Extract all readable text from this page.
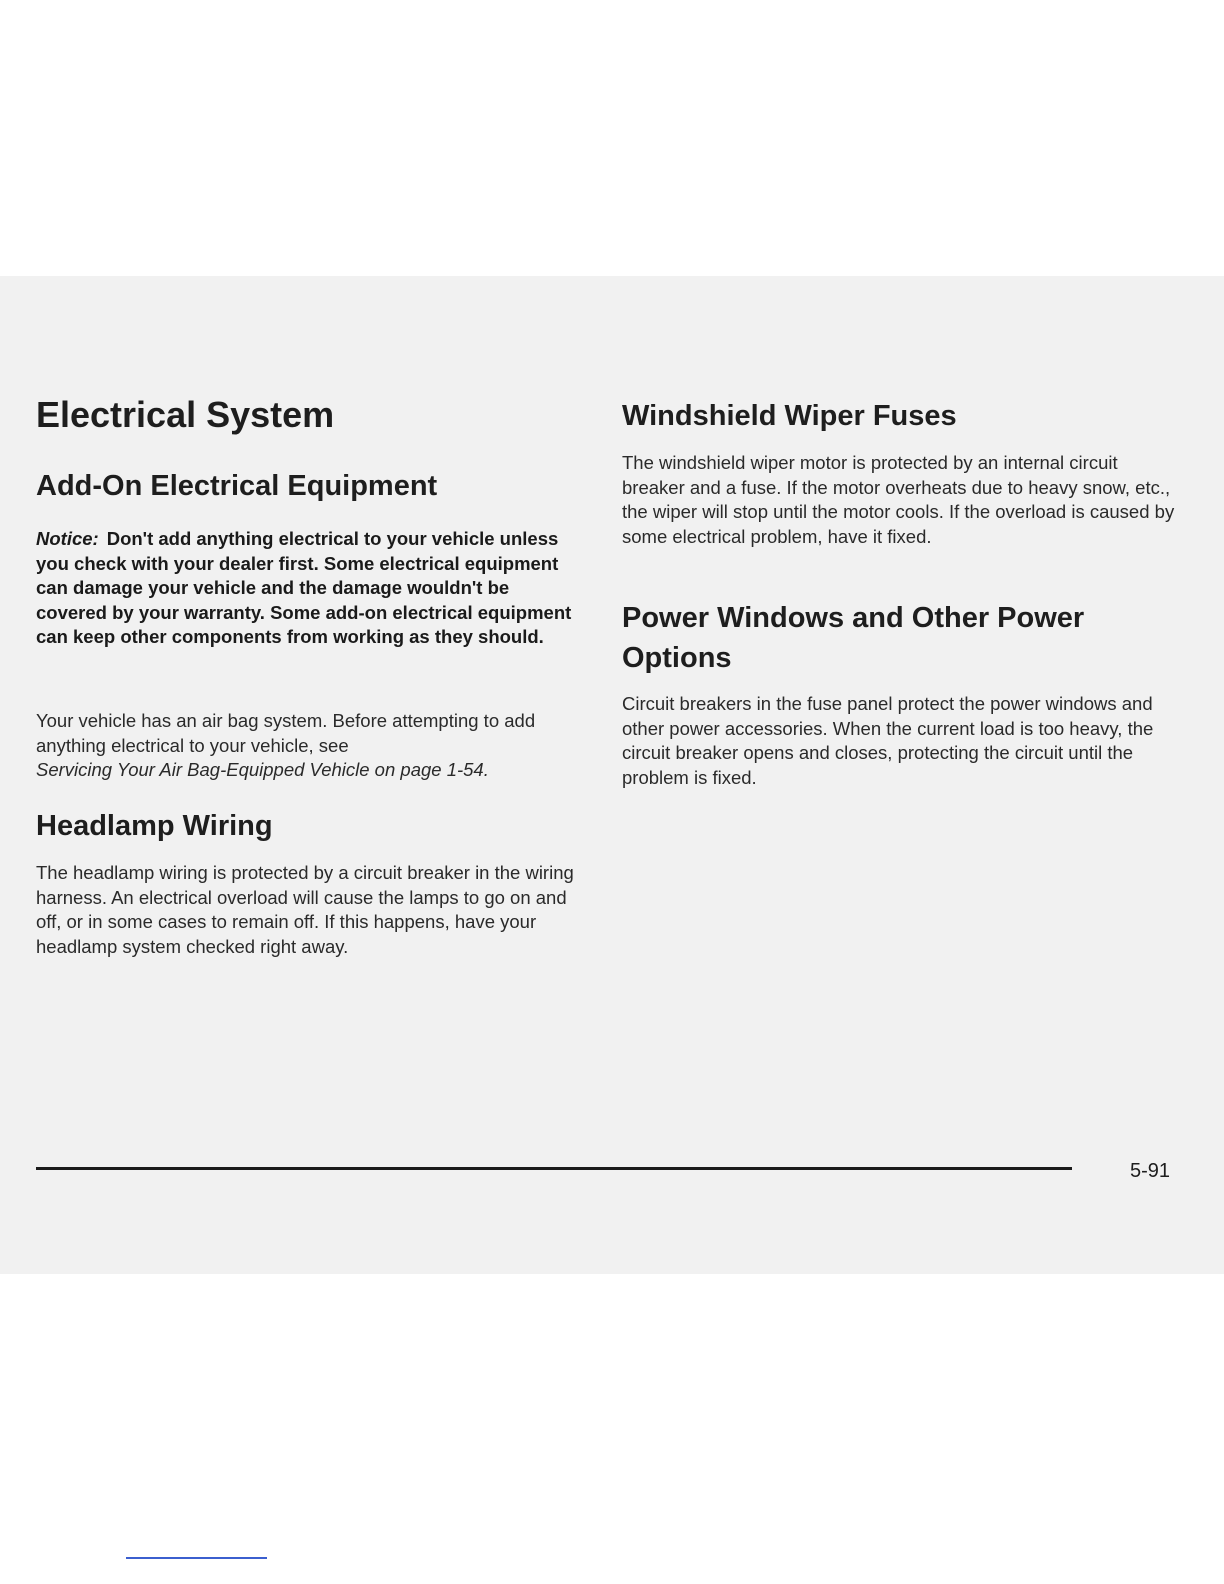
Electrical System
Add-On Electrical Equipment

Notice: Don't add anything electrical to your vehicle unless you check with your dealer first. Some electrical equipment can damage your vehicle and the damage wouldn't be covered by your warranty. Some add-on electrical equipment can keep other components from working as they should.

Your vehicle has an air bag system. Before attempting to add anything electrical to your vehicle, see
Servicing Your Air Bag-Equipped Vehicle on page 1-54.

Headlamp Wiring

The headlamp wiring is protected by a circuit breaker in the wiring harness. An electrical overload will cause the lamps to go on and off, or in some cases to remain off. If this happens, have your headlamp system checked right away.

Windshield Wiper Fuses

The windshield wiper motor is protected by an internal circuit breaker and a fuse. If the motor overheats due to heavy snow, etc., the wiper will stop until the motor cools. If the overload is caused by some electrical problem, have it fixed.

Power Windows and Other Power Options

Circuit breakers in the fuse panel protect the power windows and other power accessories. When the current load is too heavy, the circuit breaker opens and closes, protecting the circuit until the problem is fixed.

5-91
